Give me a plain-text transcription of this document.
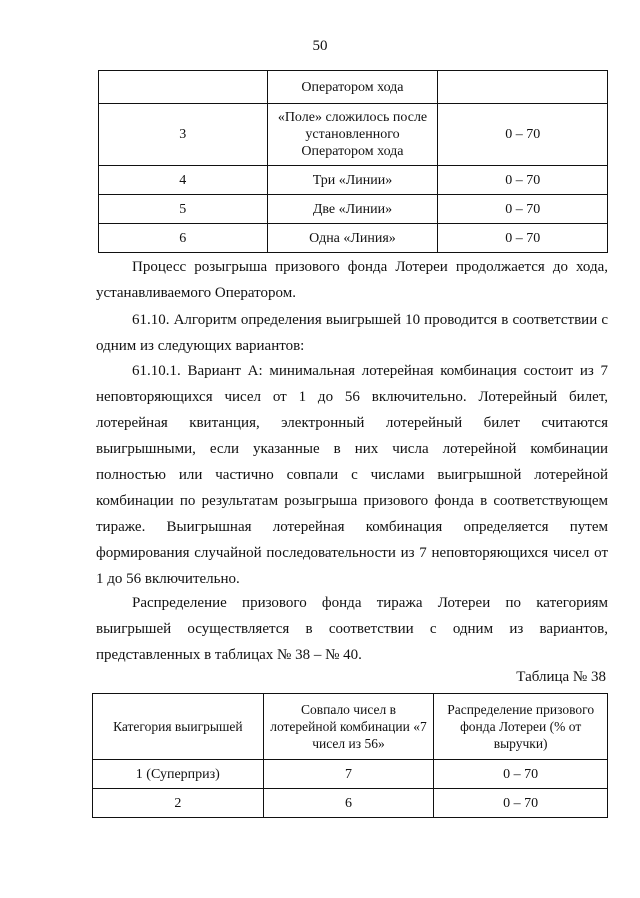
50
	Оператором хода	
3	«Поле» сложилось после установленного Оператором хода	0 – 70
4	Три «Линии»	0 – 70
5	Две «Линии»	0 – 70
6	Одна «Линия»	0 – 70
Процесс розыгрыша призового фонда Лотереи продолжается до хода, устанавливаемого Оператором.
61.10. Алгоритм определения выигрышей 10 проводится в соответствии с одним из следующих вариантов:
61.10.1. Вариант А: минимальная лотерейная комбинация состоит из 7 неповторяющихся чисел от 1 до 56 включительно. Лотерейный билет, лотерейная квитанция, электронный лотерейный билет считаются выигрышными, если указанные в них числа лотерейной комбинации полностью или частично совпали с числами выигрышной лотерейной комбинации по результатам розыгрыша призового фонда в соответствующем тираже. Выигрышная лотерейная комбинация определяется путем формирования случайной последовательности из 7 неповторяющихся чисел от 1 до 56 включительно.
Распределение призового фонда тиража Лотереи по категориям выигрышей осуществляется в соответствии с одним из вариантов, представленных в таблицах № 38 – № 40.
Таблица № 38
Категория выигрышей	Совпало чисел в лотерейной комбинации «7 чисел из 56»	Распределение призового фонда Лотереи (% от выручки)
1 (Суперприз)	7	0 – 70
2	6	0 – 70
